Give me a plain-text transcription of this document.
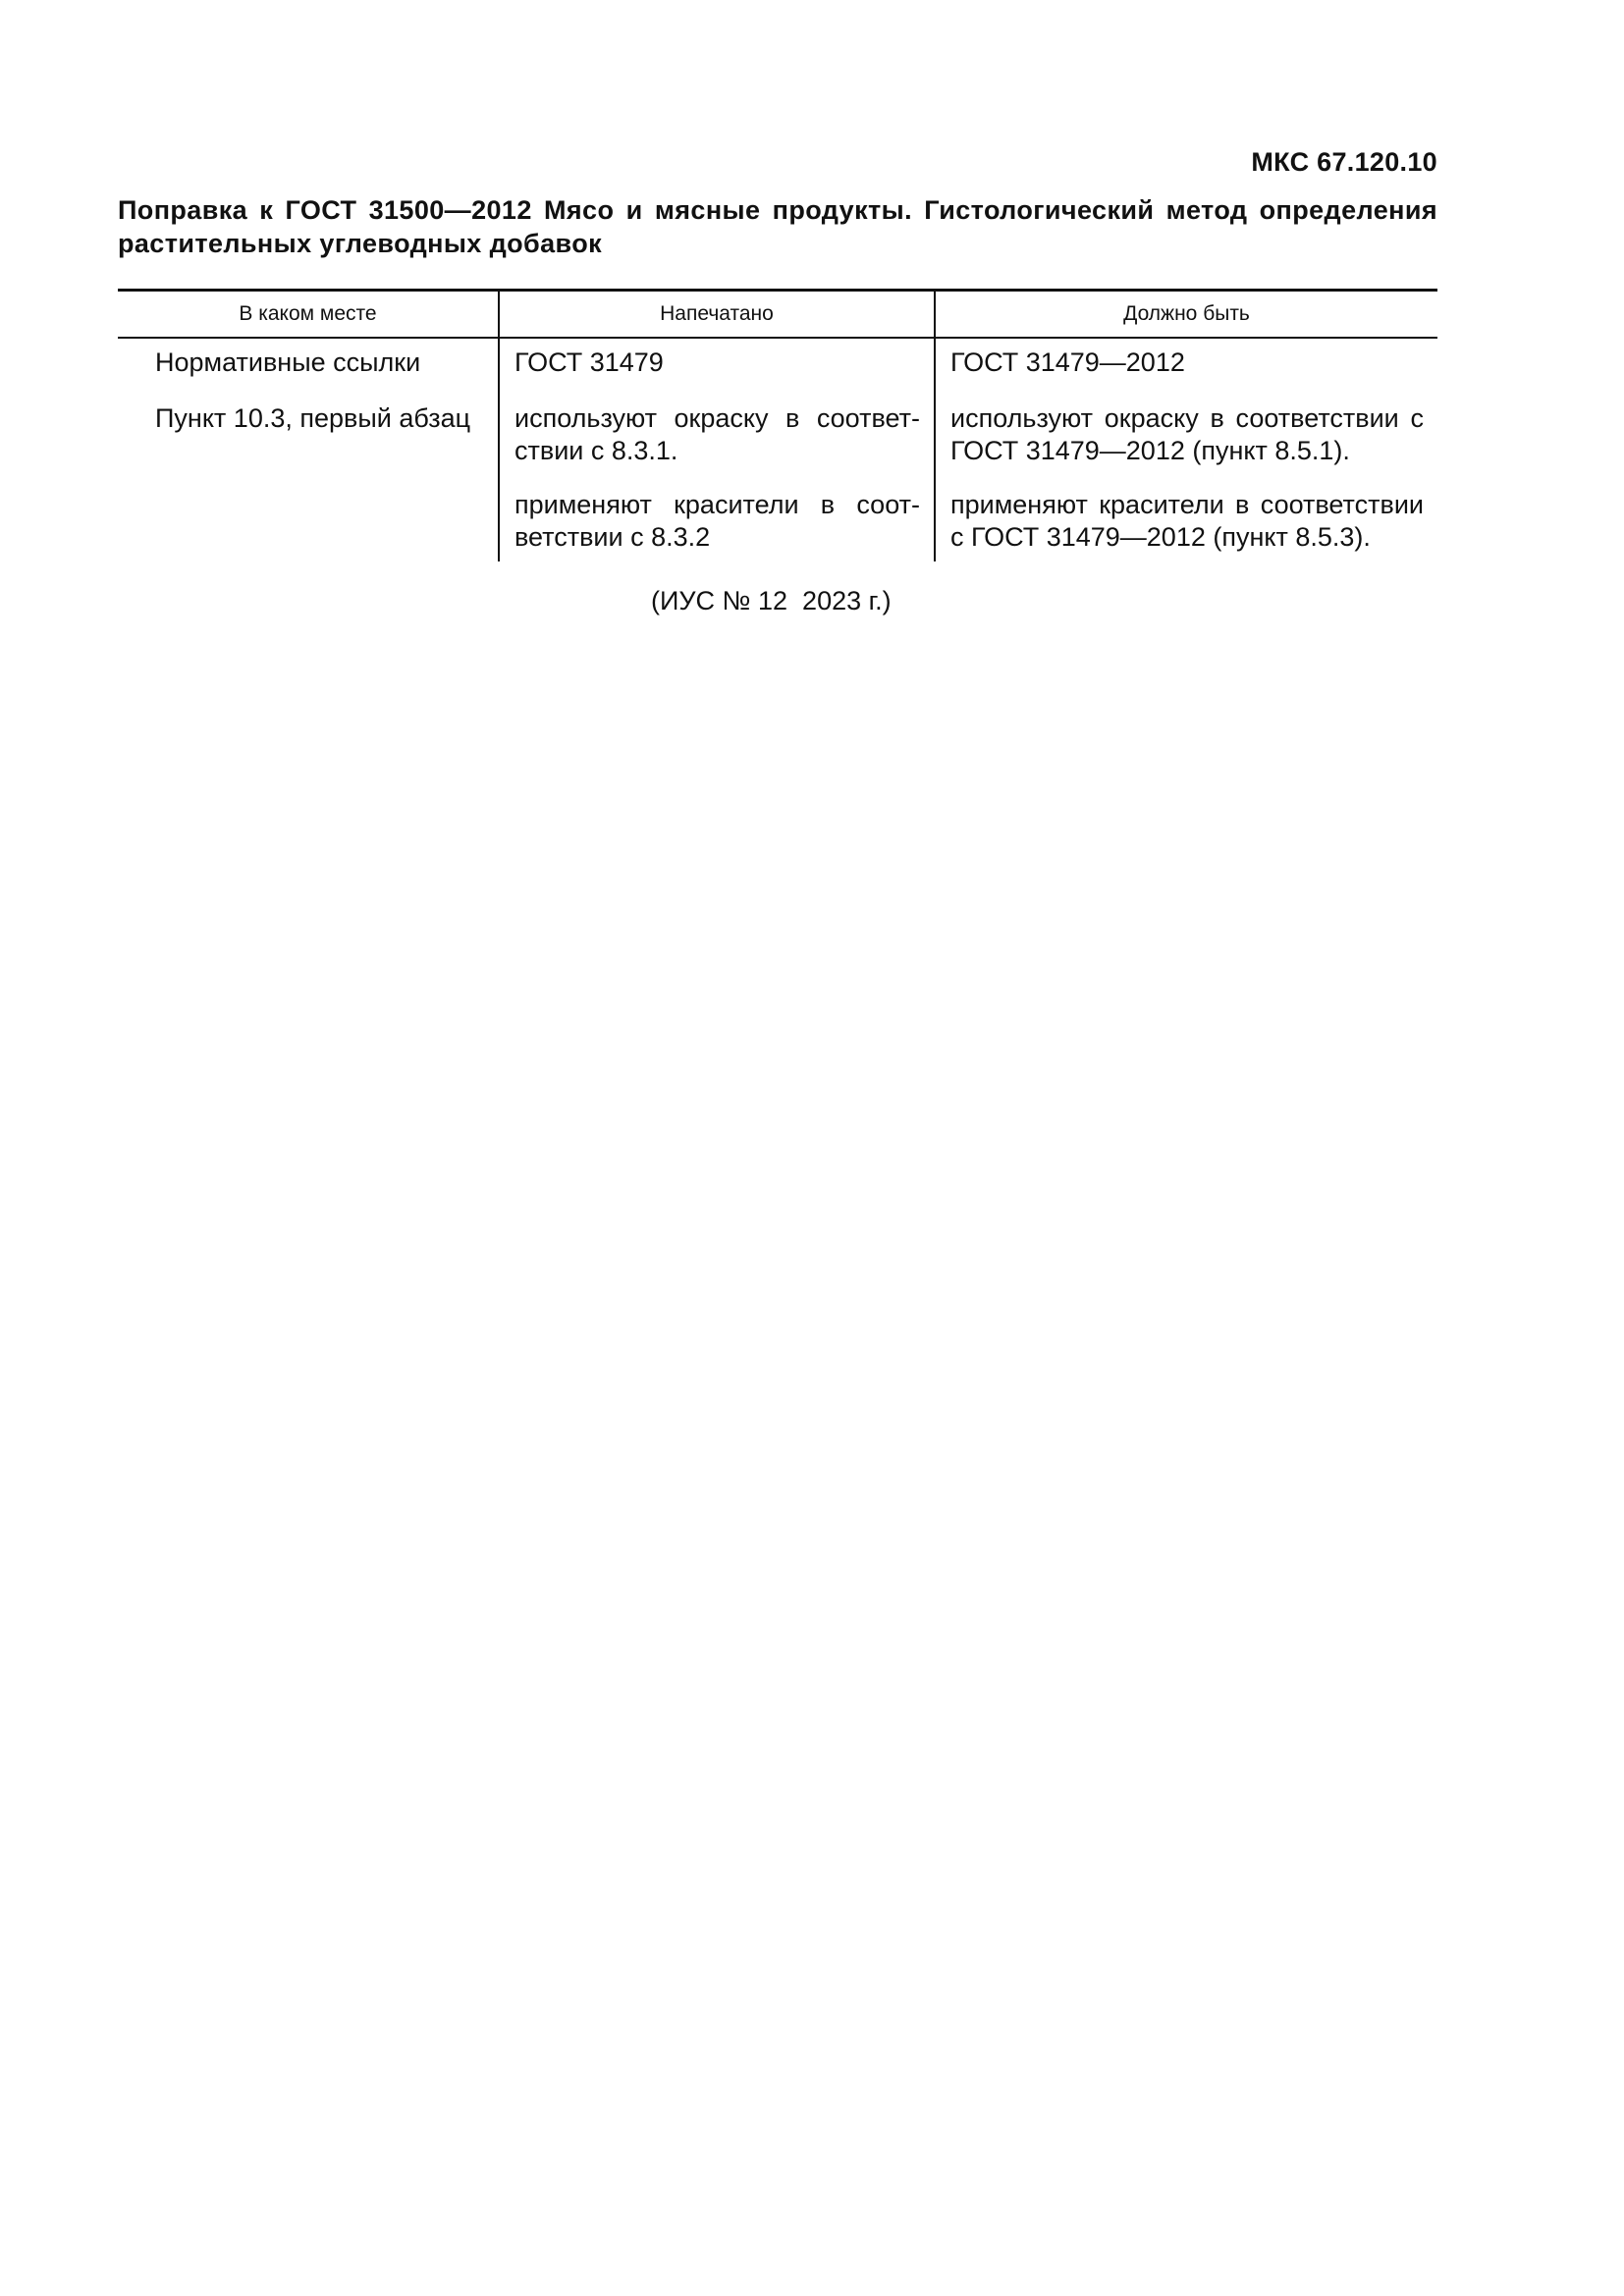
МКС 67.120.10
Поправка к ГОСТ 31500—2012 Мясо и мясные продукты. Гистологический метод определения растительных углеводных добавок
В каком месте	Напечатано	Должно быть
Нормативные ссылки	ГОСТ 31479	ГОСТ 31479—2012
Пункт 10.3, первый абзац	используют окраску в соответствии с 8.3.1.	используют окраску в соответствии с ГОСТ 31479—2012 (пункт 8.5.1).
	применяют красители в соответствии с 8.3.2	применяют красители в соответствии с ГОСТ 31479—2012 (пункт 8.5.3).
(ИУС № 12  2023 г.)
